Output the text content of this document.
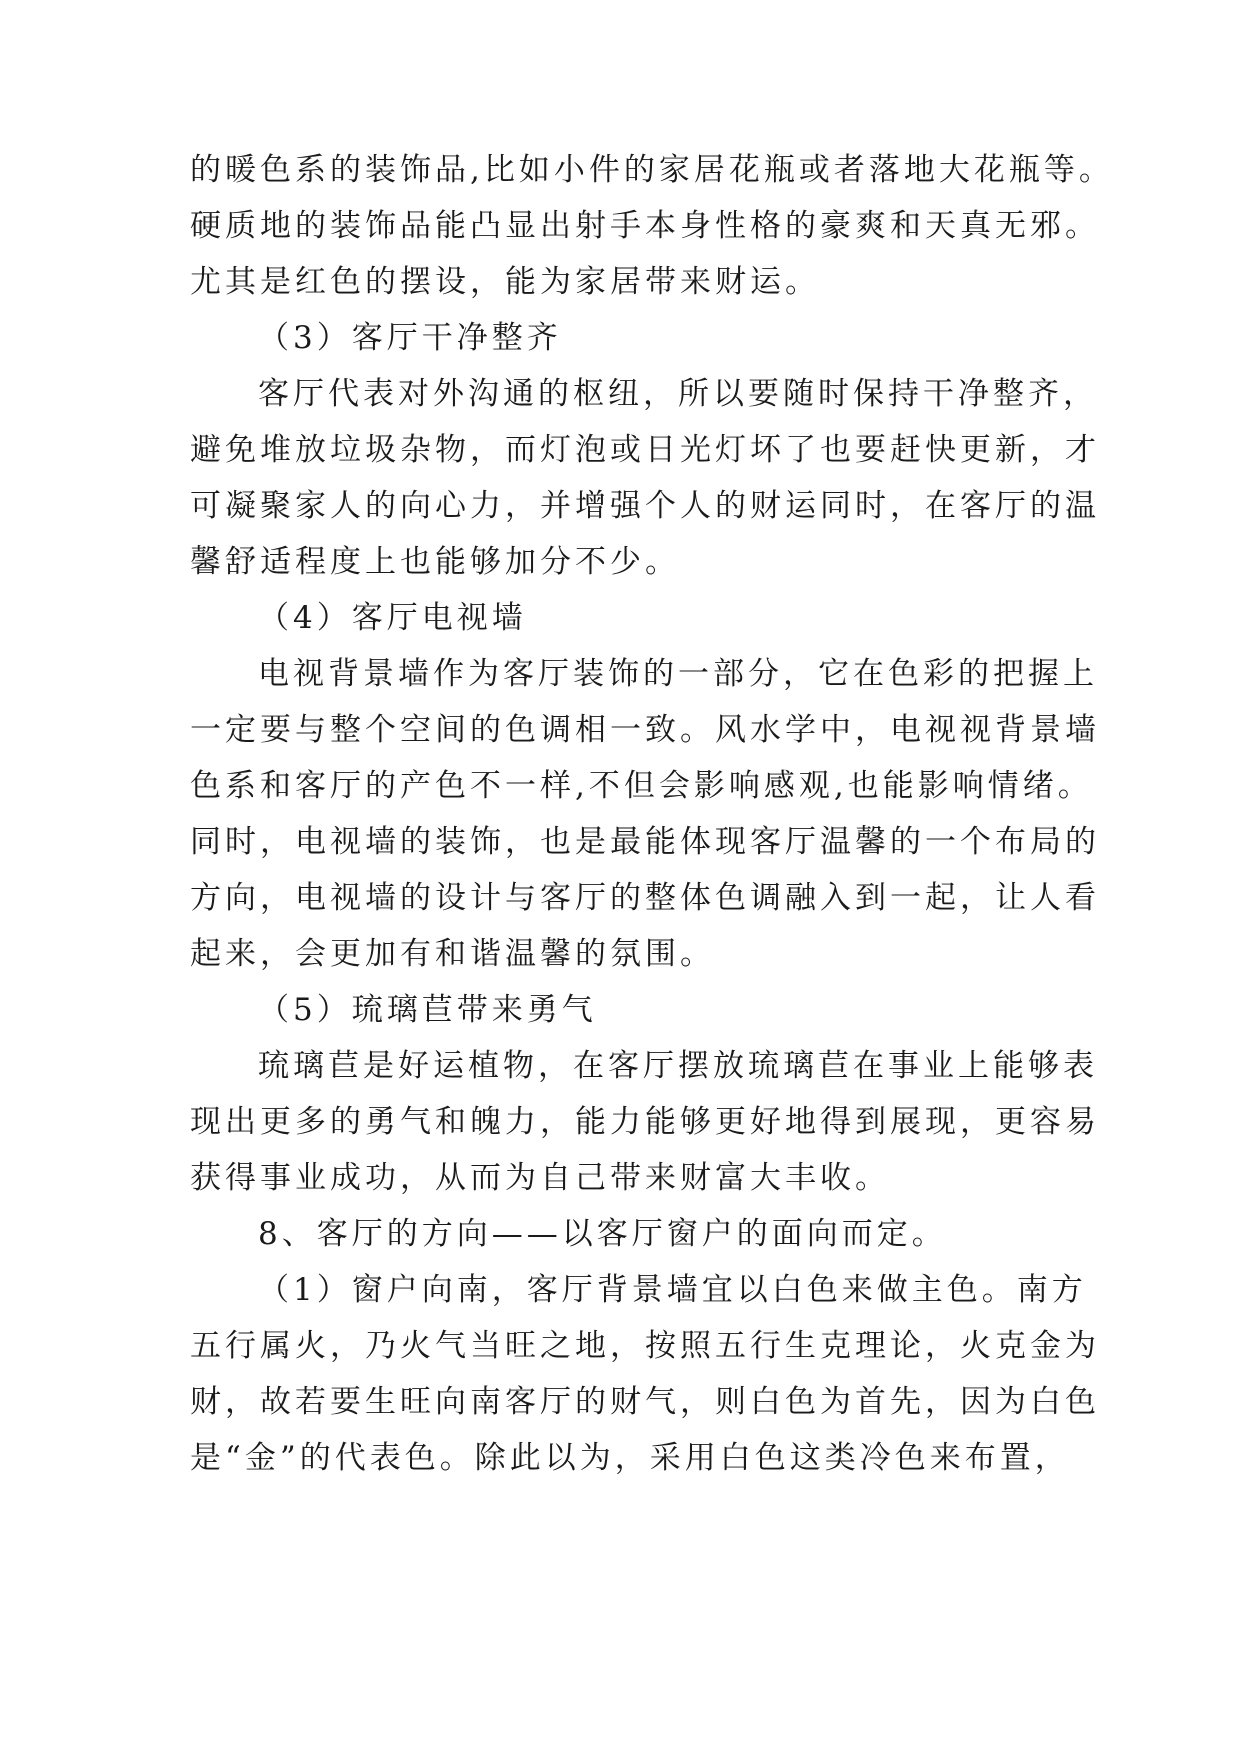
的暖色系的装饰品,比如小件的家居花瓶或者落地大花瓶等。
硬质地的装饰品能凸显出射手本身性格的豪爽和天真无邪。
尤其是红色的摆设，能为家居带来财运。
（3）客厅干净整齐
客厅代表对外沟通的枢纽，所以要随时保持干净整齐，
避免堆放垃圾杂物，而灯泡或日光灯坏了也要赶快更新，才
可凝聚家人的向心力，并增强个人的财运同时，在客厅的温
馨舒适程度上也能够加分不少。
（4）客厅电视墙
电视背景墙作为客厅装饰的一部分，它在色彩的把握上
一定要与整个空间的色调相一致。风水学中，电视视背景墙
色系和客厅的产色不一样,不但会影响感观,也能影响情绪。
同时，电视墙的装饰，也是最能体现客厅温馨的一个布局的
方向，电视墙的设计与客厅的整体色调融入到一起，让人看
起来，会更加有和谐温馨的氛围。
（5）琉璃苣带来勇气
琉璃苣是好运植物，在客厅摆放琉璃苣在事业上能够表
现出更多的勇气和魄力，能力能够更好地得到展现，更容易
获得事业成功，从而为自己带来财富大丰收。
8、客厅的方向——以客厅窗户的面向而定。
（1）窗户向南，客厅背景墙宜以白色来做主色。南方
五行属火，乃火气当旺之地，按照五行生克理论，火克金为
财，故若要生旺向南客厅的财气，则白色为首先，因为白色
是“金”的代表色。除此以为，采用白色这类冷色来布置，
